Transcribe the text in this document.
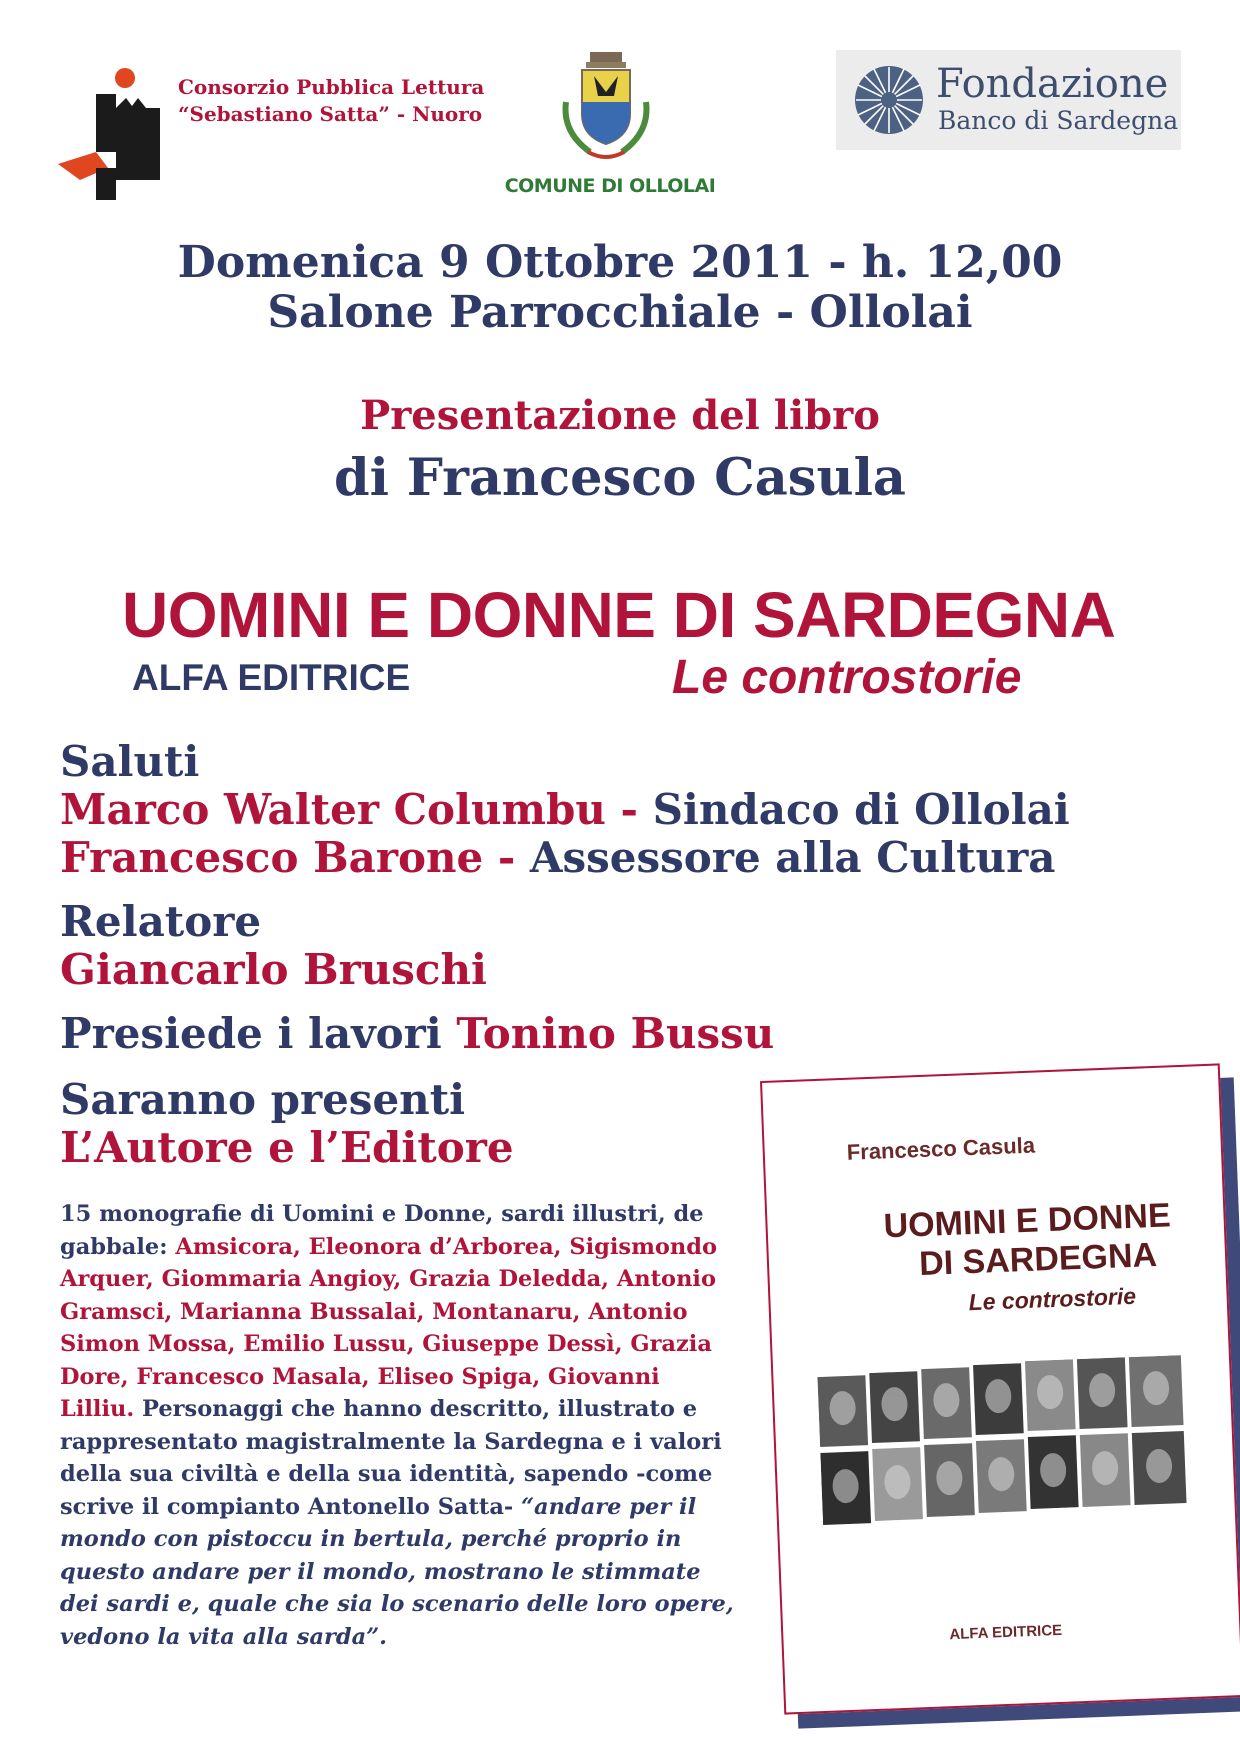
Consorzio Pubblica Lettura
“Sebastiano Satta” - Nuoro
COMUNE DI OLLOLAI
Fondazione
Banco di Sardegna
Domenica 9 Ottobre 2011 - h. 12,00
Salone Parrocchiale - Ollolai
Presentazione del libro
di Francesco Casula
UOMINI E DONNE DI SARDEGNA
ALFA EDITRICE	Le controstorie
Saluti
Marco Walter Columbu - Sindaco di Ollolai
Francesco Barone - Assessore alla Cultura
Relatore
Giancarlo Bruschi
Presiede i lavori Tonino Bussu
Saranno presenti
L’Autore e l’Editore
15 monografie di Uomini e Donne, sardi illustri, de gabbale: Amsicora, Eleonora d’Arborea, Sigismondo Arquer, Giommaria Angioy, Grazia Deledda, Antonio Gramsci, Marianna Bussalai, Montanaru, Antonio Simon Mossa, Emilio Lussu, Giuseppe Dessì, Grazia Dore, Francesco Masala, Eliseo Spiga, Giovanni Lilliu. Personaggi che hanno descritto, illustrato e rappresentato magistralmente la Sardegna e i valori della sua civiltà e della sua identità, sapendo -come scrive il compianto Antonello Satta- “andare per il mondo con pistoccu in bertula, perché proprio in questo andare per il mondo, mostrano le stimmate dei sardi e, quale che sia lo scenario delle loro opere, vedono la vita alla sarda”.
Francesco Casula
UOMINI E DONNE
DI SARDEGNA
Le controstorie
ALFA EDITRICE
